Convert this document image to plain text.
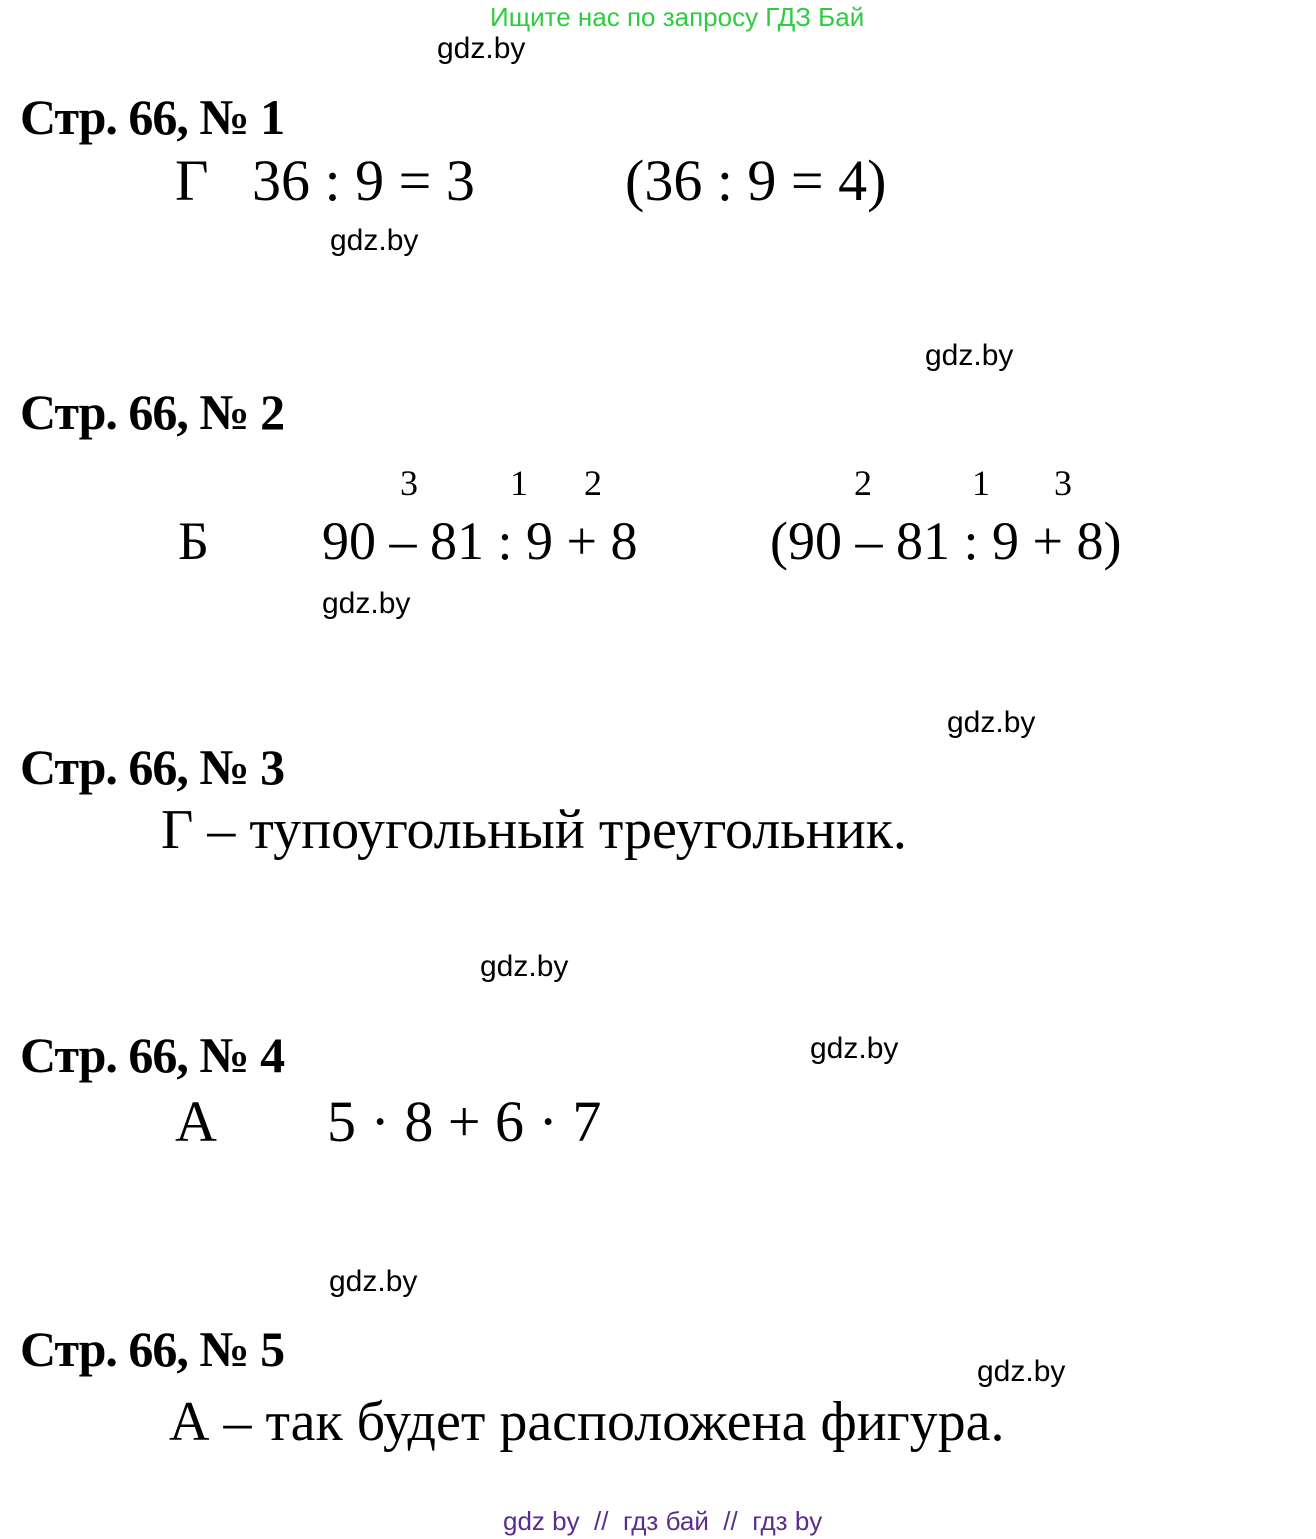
Ищите нас по запросу ГДЗ Бай
gdz.by
Стр. 66, № 1
Г 36 : 9 = 3	(36 : 9 = 4)
gdz.by
gdz.by
Стр. 66, № 2
3	1 2	2	1 3
Б 90 – 81 : 9 + 8 (90 – 81 : 9 + 8)
gdz.by
gdz.by
Стр. 66, № 3
Г – тупоугольный треугольник.
gdz.by
Стр. 66, № 4	gdz.by
А 5 · 8 + 6 · 7
gdz.by
Стр. 66, № 5	gdz.by
А – так будет расположена фигура.
gdz by  //  гдз бай  //  гдз by
